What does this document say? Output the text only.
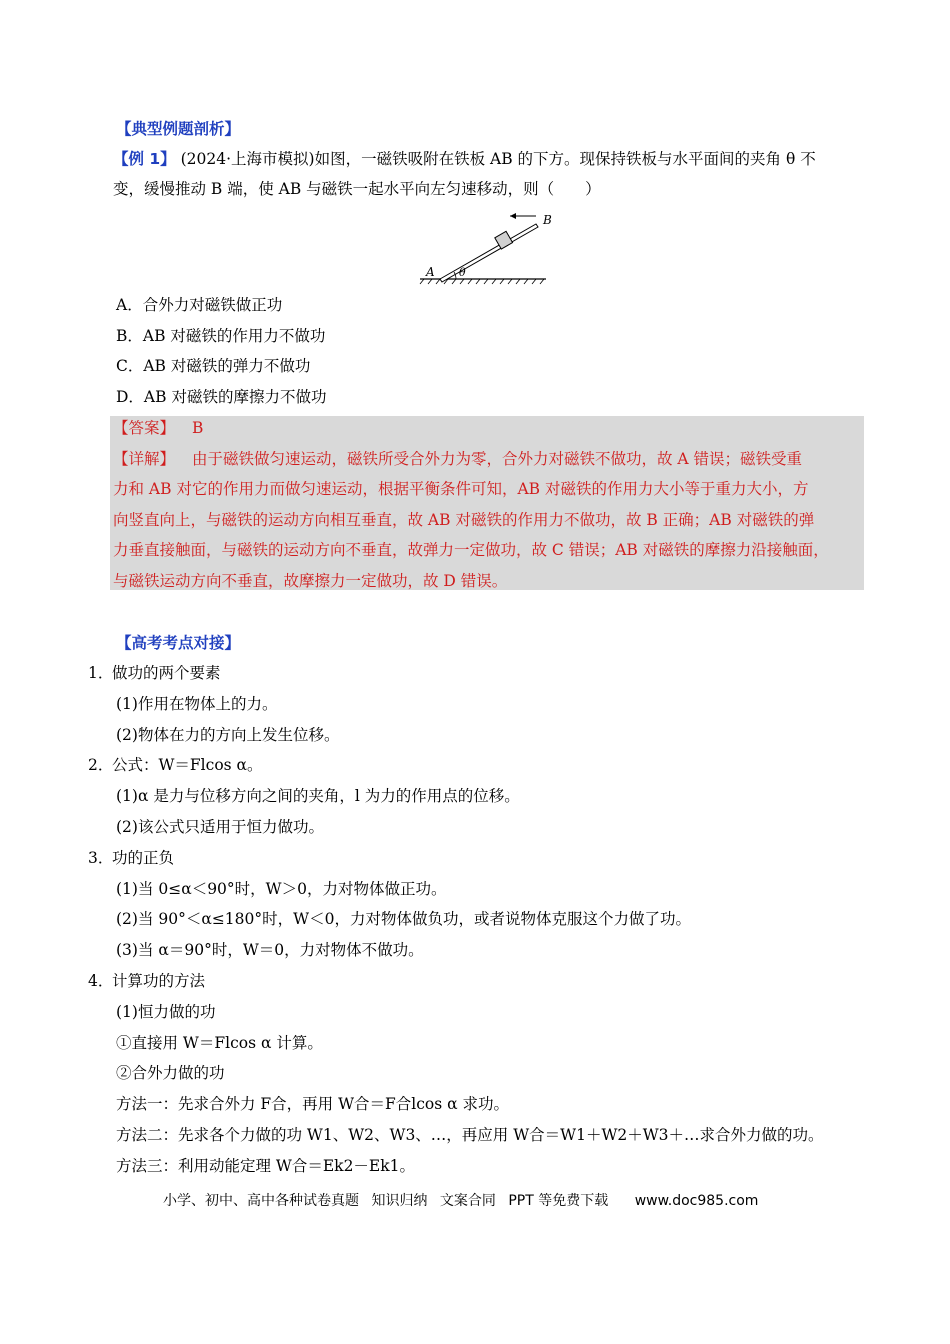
【典型例题剖析】
【例 1】 (2024·上海市模拟)如图，一磁铁吸附在铁板 AB 的下方。现保持铁板与水平面间的夹角 θ 不
变，缓慢推动 B 端，使 AB 与磁铁一起水平向左匀速移动，则（　　）
A
B
θ
A．合外力对磁铁做正功
B．AB 对磁铁的作用力不做功
C．AB 对磁铁的弹力不做功
D．AB 对磁铁的摩擦力不做功
【答案】 B
【详解】 由于磁铁做匀速运动，磁铁所受合外力为零，合外力对磁铁不做功，故 A 错误；磁铁受重
力和 AB 对它的作用力而做匀速运动，根据平衡条件可知，AB 对磁铁的作用力大小等于重力大小，方
向竖直向上，与磁铁的运动方向相互垂直，故 AB 对磁铁的作用力不做功，故 B 正确；AB 对磁铁的弹
力垂直接触面，与磁铁的运动方向不垂直，故弹力一定做功，故 C 错误；AB 对磁铁的摩擦力沿接触面，
与磁铁运动方向不垂直，故摩擦力一定做功，故 D 错误。
【高考考点对接】
1．做功的两个要素
(1)作用在物体上的力。
(2)物体在力的方向上发生位移。
2．公式：W＝Flcos α。
(1)α 是力与位移方向之间的夹角，l 为力的作用点的位移。
(2)该公式只适用于恒力做功。
3．功的正负
(1)当 0≤α＜90°时，W＞0，力对物体做正功。
(2)当 90°＜α≤180°时，W＜0，力对物体做负功，或者说物体克服这个力做了功。
(3)当 α＝90°时，W＝0，力对物体不做功。
4．计算功的方法
(1)恒力做的功
①直接用 W＝Flcos α 计算。
②合外力做的功
方法一：先求合外力 F合，再用 W合＝F合lcos α 求功。
方法二：先求各个力做的功 W1、W2、W3、…，再应用 W合＝W1＋W2＋W3＋…求合外力做的功。
方法三：利用动能定理 W合＝Ek2－Ek1。
小学、初中、高中各种试卷真题 知识归纳 文案合同 PPT 等免费下载 www.doc985.com
